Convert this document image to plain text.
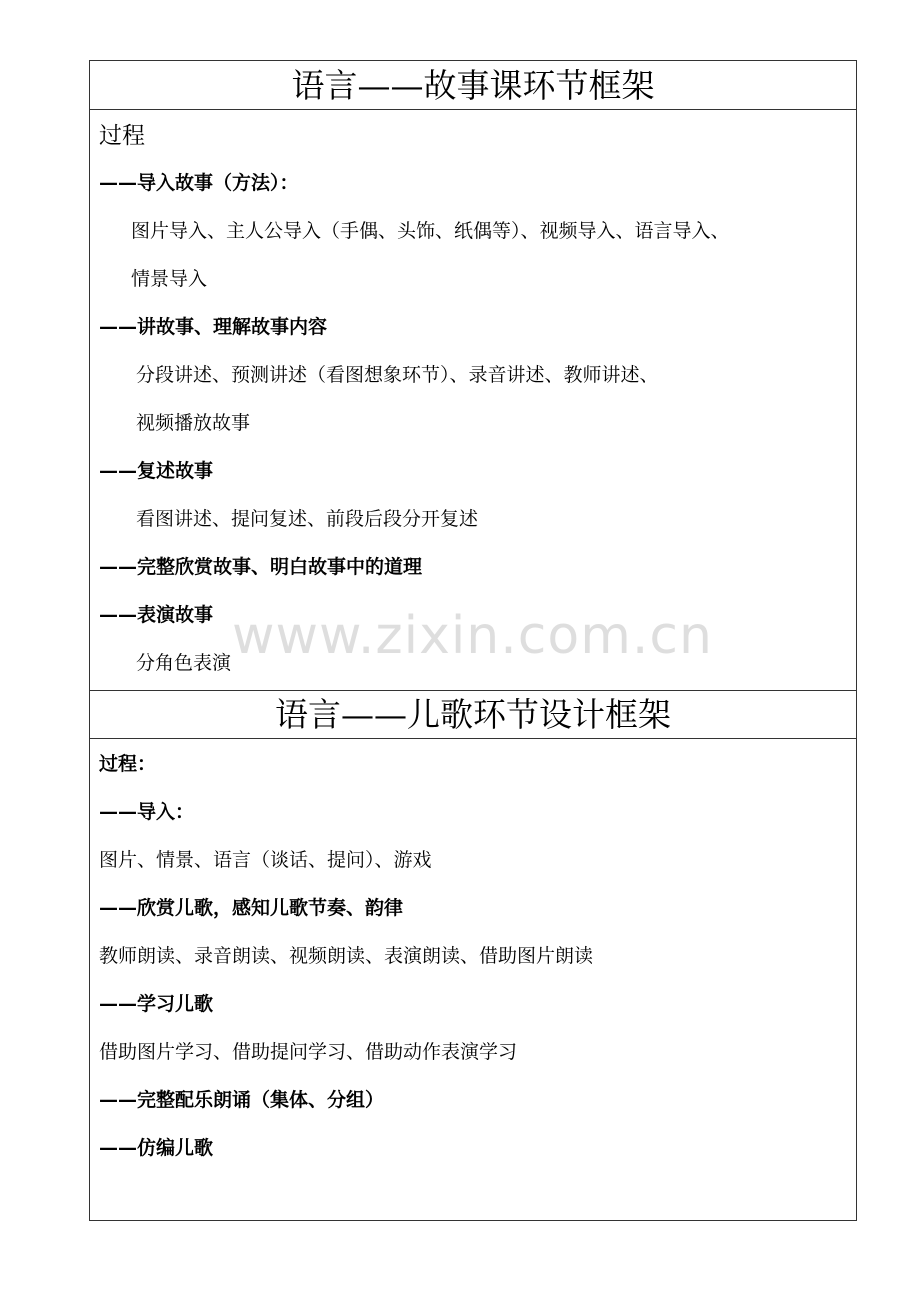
语言——故事课环节框架
过程
——导入故事（方法）：
图片导入、主人公导入（手偶、头饰、纸偶等）、视频导入、语言导入、
情景导入
——讲故事、理解故事内容
分段讲述、预测讲述（看图想象环节）、录音讲述、教师讲述、
视频播放故事
——复述故事
看图讲述、提问复述、前段后段分开复述
——完整欣赏故事、明白故事中的道理
——表演故事
分角色表演
语言——儿歌环节设计框架
过程：
——导入：
图片、情景、语言（谈话、提问）、游戏
——欣赏儿歌，感知儿歌节奏、韵律
教师朗读、录音朗读、视频朗读、表演朗读、借助图片朗读
——学习儿歌
借助图片学习、借助提问学习、借助动作表演学习
——完整配乐朗诵（集体、分组）
——仿编儿歌
www.zixin.com.cn
